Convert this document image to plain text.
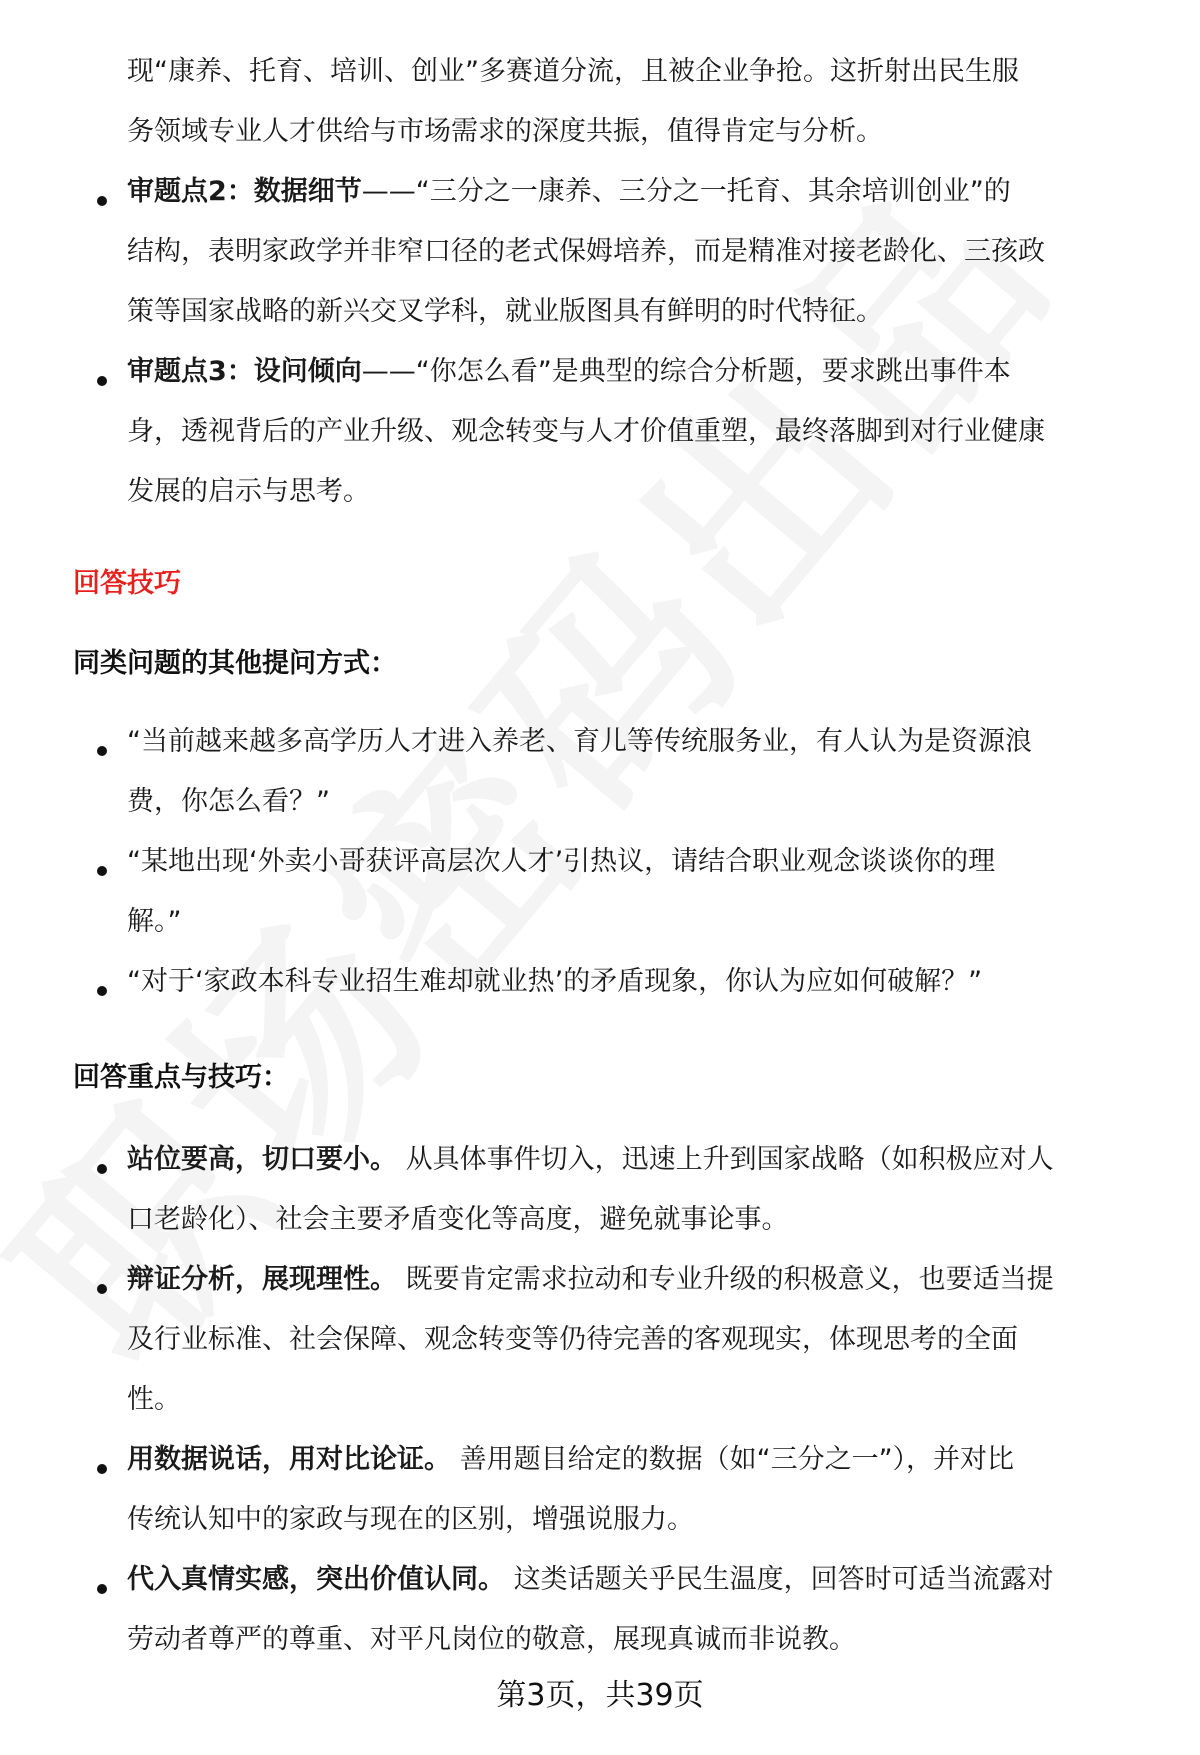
现“康养、托育、培训、创业”多赛道分流，且被企业争抢。这折射出民生服
务领域专业人才供给与市场需求的深度共振，值得肯定与分析。
审题点2：数据细节——“三分之一康养、三分之一托育、其余培训创业”的
结构，表明家政学并非窄口径的老式保姆培养，而是精准对接老龄化、三孩政
策等国家战略的新兴交叉学科，就业版图具有鲜明的时代特征。
审题点3：设问倾向——“你怎么看”是典型的综合分析题，要求跳出事件本
身，透视背后的产业升级、观念转变与人才价值重塑，最终落脚到对行业健康
发展的启示与思考。
回答技巧
同类问题的其他提问方式：
“当前越来越多高学历人才进入养老、育儿等传统服务业，有人认为是资源浪
费，你怎么看？”
“某地出现‘外卖小哥获评高层次人才’引热议，请结合职业观念谈谈你的理
解。”
“对于‘家政本科专业招生难却就业热’的矛盾现象，你认为应如何破解？”
回答重点与技巧：
站位要高，切口要小。 从具体事件切入，迅速上升到国家战略（如积极应对人
口老龄化）、社会主要矛盾变化等高度，避免就事论事。
辩证分析，展现理性。 既要肯定需求拉动和专业升级的积极意义，也要适当提
及行业标准、社会保障、观念转变等仍待完善的客观现实，体现思考的全面
性。
用数据说话，用对比论证。 善用题目给定的数据（如“三分之一”），并对比
传统认知中的家政与现在的区别，增强说服力。
代入真情实感，突出价值认同。 这类话题关乎民生温度，回答时可适当流露对
劳动者尊严的尊重、对平凡岗位的敬意，展现真诚而非说教。
第3页，共39页
